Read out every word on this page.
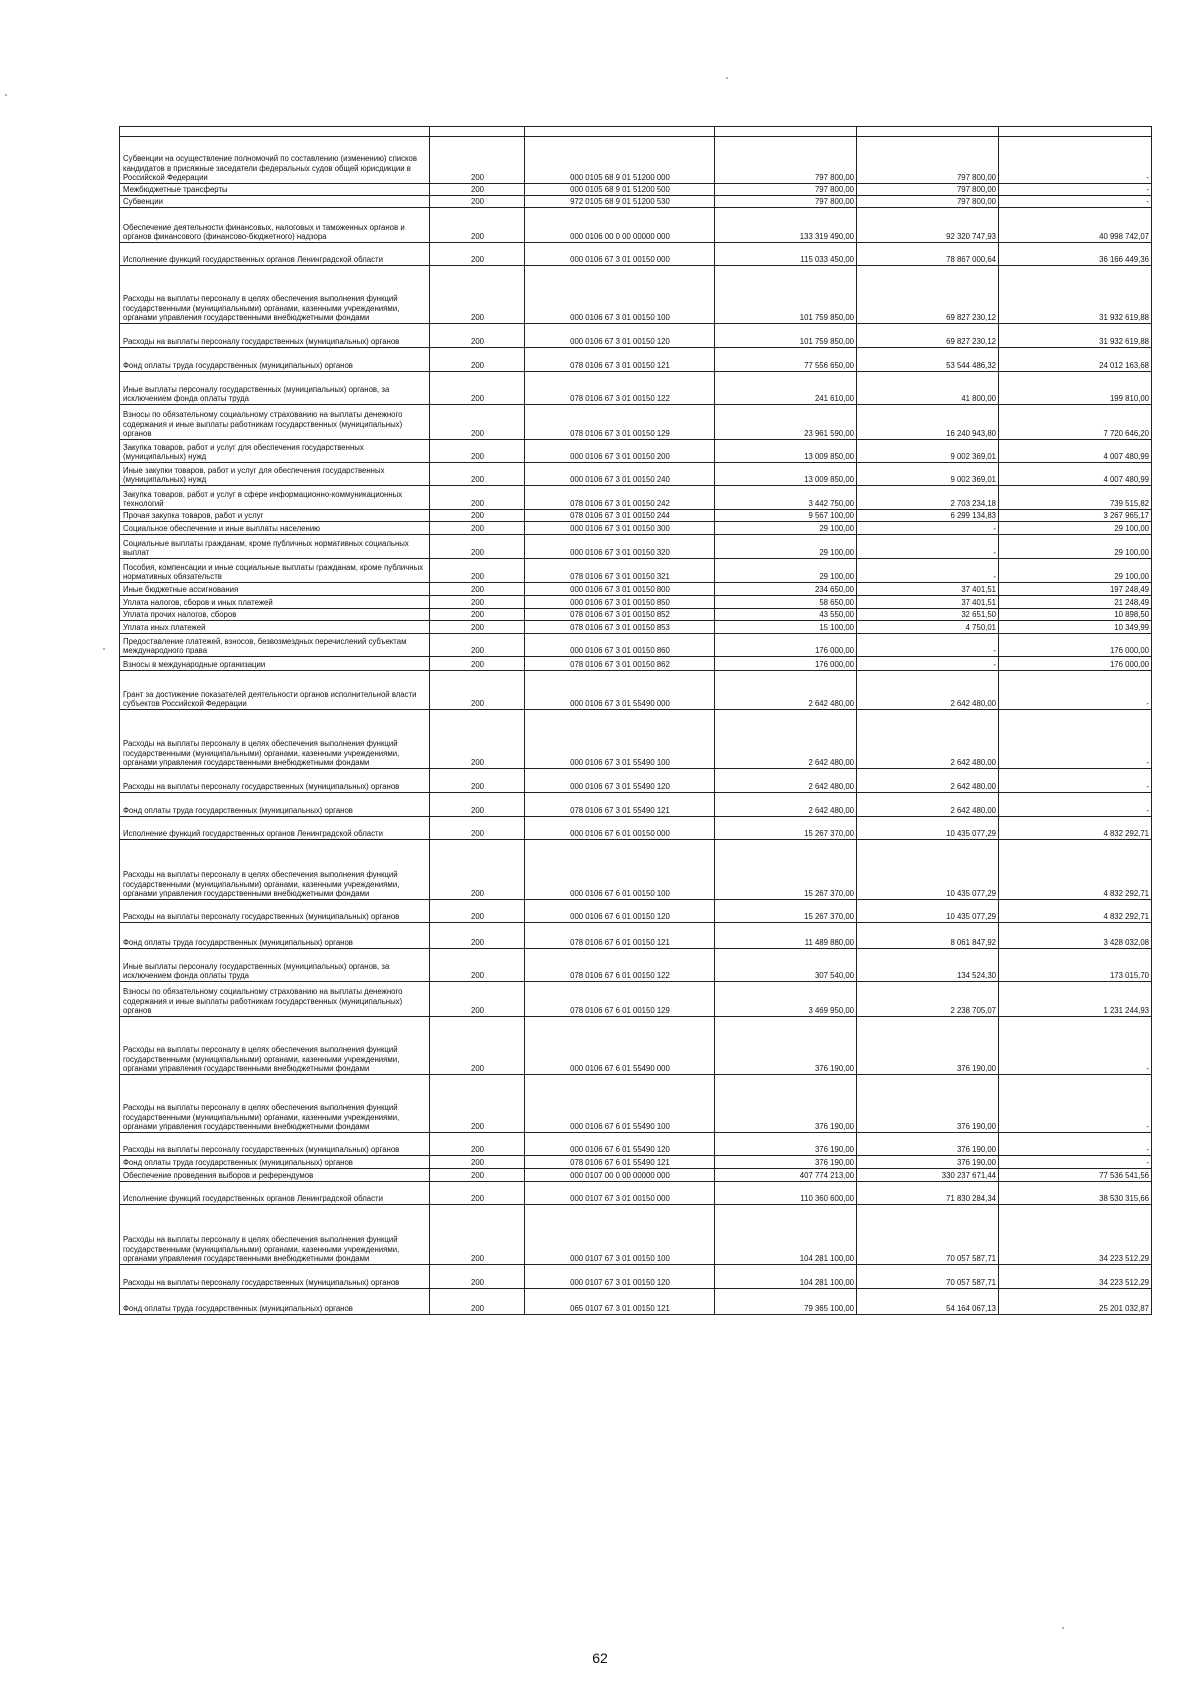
Субвенции на осуществление полномочий по составлению (изменению) списков кандидатов в присяжные заседатели федеральных судов общей юрисдикции в Российской Федерации	200	000 0105 68 9 01 51200 000	797 800,00	797 800,00	-
Межбюджетные трансферты	200	000 0105 68 9 01 51200 500	797 800,00	797 800,00	-
Субвенции	200	972 0105 68 9 01 51200 530	797 800,00	797 800,00	-
Обеспечение деятельности финансовых, налоговых и таможенных органов и органов финансового (финансово-бюджетного) надзора	200	000 0106 00 0 00 00000 000	133 319 490,00	92 320 747,93	40 998 742,07
Исполнение функций государственных органов Ленинградской области	200	000 0106 67 3 01 00150 000	115 033 450,00	78 867 000,64	36 166 449,36
Расходы на выплаты персоналу в целях обеспечения выполнения функций государственными (муниципальными) органами, казенными учреждениями, органами управления государственными внебюджетными фондами	200	000 0106 67 3 01 00150 100	101 759 850,00	69 827 230,12	31 932 619,88
Расходы на выплаты персоналу государственных (муниципальных) органов	200	000 0106 67 3 01 00150 120	101 759 850,00	69 827 230,12	31 932 619,88
Фонд оплаты труда государственных (муниципальных) органов	200	078 0106 67 3 01 00150 121	77 556 650,00	53 544 486,32	24 012 163,68
Иные выплаты персоналу государственных (муниципальных) органов, за исключением фонда оплаты труда	200	078 0106 67 3 01 00150 122	241 610,00	41 800,00	199 810,00
Взносы по обязательному социальному страхованию на выплаты денежного содержания и иные выплаты работникам государственных (муниципальных) органов	200	078 0106 67 3 01 00150 129	23 961 590,00	16 240 943,80	7 720 646,20
Закупка товаров, работ и услуг для обеспечения государственных (муниципальных) нужд	200	000 0106 67 3 01 00150 200	13 009 850,00	9 002 369,01	4 007 480,99
Иные закупки товаров, работ и услуг для обеспечения государственных (муниципальных) нужд	200	000 0106 67 3 01 00150 240	13 009 850,00	9 002 369,01	4 007 480,99
Закупка товаров, работ и услуг в сфере информационно-коммуникационных технологий	200	078 0106 67 3 01 00150 242	3 442 750,00	2 703 234,18	739 515,82
Прочая закупка товаров, работ и услуг	200	078 0106 67 3 01 00150 244	9 567 100,00	6 299 134,83	3 267 965,17
Социальное обеспечение и иные выплаты населению	200	000 0106 67 3 01 00150 300	29 100,00	-	29 100,00
Социальные выплаты гражданам, кроме публичных нормативных социальных выплат	200	000 0106 67 3 01 00150 320	29 100,00	-	29 100,00
Пособия, компенсации и иные социальные выплаты гражданам, кроме публичных нормативных обязательств	200	078 0106 67 3 01 00150 321	29 100,00	-	29 100,00
Иные бюджетные ассигнования	200	000 0106 67 3 01 00150 800	234 650,00	37 401,51	197 248,49
Уплата налогов, сборов и иных платежей	200	000 0106 67 3 01 00150 850	58 650,00	37 401,51	21 248,49
Уплата прочих налогов, сборов	200	078 0106 67 3 01 00150 852	43 550,00	32 651,50	10 898,50
Уплата иных платежей	200	078 0106 67 3 01 00150 853	15 100,00	4 750,01	10 349,99
Предоставление платежей, взносов, безвозмездных перечислений субъектам международного права	200	000 0106 67 3 01 00150 860	176 000,00	-	176 000,00
Взносы в международные организации	200	078 0106 67 3 01 00150 862	176 000,00	-	176 000,00
Грант за достижение показателей деятельности органов исполнительной власти субъектов Российской Федерации	200	000 0106 67 3 01 55490 000	2 642 480,00	2 642 480,00	-
Расходы на выплаты персоналу в целях обеспечения выполнения функций государственными (муниципальными) органами, казенными учреждениями, органами управления государственными внебюджетными фондами	200	000 0106 67 3 01 55490 100	2 642 480,00	2 642 480,00	-
Расходы на выплаты персоналу государственных (муниципальных) органов	200	000 0106 67 3 01 55490 120	2 642 480,00	2 642 480,00	-
Фонд оплаты труда государственных (муниципальных) органов	200	078 0106 67 3 01 55490 121	2 642 480,00	2 642 480,00	-
Исполнение функций государственных органов Ленинградской области	200	000 0106 67 6 01 00150 000	15 267 370,00	10 435 077,29	4 832 292,71
Расходы на выплаты персоналу в целях обеспечения выполнения функций государственными (муниципальными) органами, казенными учреждениями, органами управления государственными внебюджетными фондами	200	000 0106 67 6 01 00150 100	15 267 370,00	10 435 077,29	4 832 292,71
Расходы на выплаты персоналу государственных (муниципальных) органов	200	000 0106 67 6 01 00150 120	15 267 370,00	10 435 077,29	4 832 292,71
Фонд оплаты труда государственных (муниципальных) органов	200	078 0106 67 6 01 00150 121	11 489 880,00	8 061 847,92	3 428 032,08
Иные выплаты персоналу государственных (муниципальных) органов, за исключением фонда оплаты труда	200	078 0106 67 6 01 00150 122	307 540,00	134 524,30	173 015,70
Взносы по обязательному социальному страхованию на выплаты денежного содержания и иные выплаты работникам государственных (муниципальных) органов	200	078 0106 67 6 01 00150 129	3 469 950,00	2 238 705,07	1 231 244,93
Расходы на выплаты персоналу в целях обеспечения выполнения функций государственными (муниципальными) органами, казенными учреждениями, органами управления государственными внебюджетными фондами	200	000 0106 67 6 01 55490 000	376 190,00	376 190,00	-
Расходы на выплаты персоналу в целях обеспечения выполнения функций государственными (муниципальными) органами, казенными учреждениями, органами управления государственными внебюджетными фондами	200	000 0106 67 6 01 55490 100	376 190,00	376 190,00	-
Расходы на выплаты персоналу государственных (муниципальных) органов	200	000 0106 67 6 01 55490 120	376 190,00	376 190,00	-
Фонд оплаты труда государственных (муниципальных) органов	200	078 0106 67 6 01 55490 121	376 190,00	376 190,00	-
Обеспечение проведения выборов и референдумов	200	000 0107 00 0 00 00000 000	407 774 213,00	330 237 671,44	77 536 541,56
Исполнение функций государственных органов Ленинградской области	200	000 0107 67 3 01 00150 000	110 360 600,00	71 830 284,34	38 530 315,66
Расходы на выплаты персоналу в целях обеспечения выполнения функций государственными (муниципальными) органами, казенными учреждениями, органами управления государственными внебюджетными фондами	200	000 0107 67 3 01 00150 100	104 281 100,00	70 057 587,71	34 223 512,29
Расходы на выплаты персоналу государственных (муниципальных) органов	200	000 0107 67 3 01 00150 120	104 281 100,00	70 057 587,71	34 223 512,29
Фонд оплаты труда государственных (муниципальных) органов	200	065 0107 67 3 01 00150 121	79 365 100,00	54 164 067,13	25 201 032,87
62
